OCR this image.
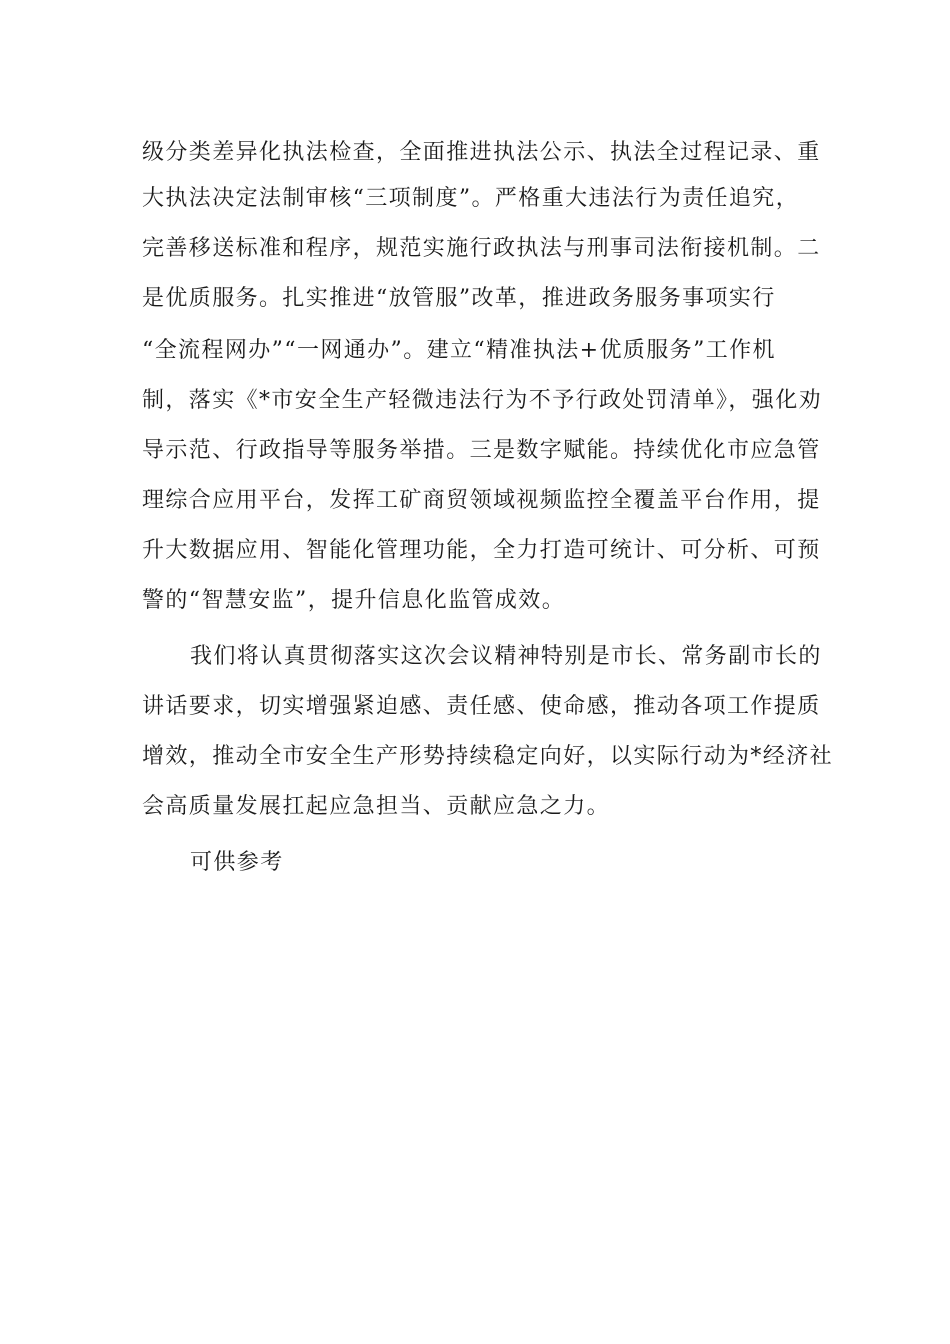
级分类差异化执法检查，全面推进执法公示、执法全过程记录、重

大执法决定法制审核“三项制度”。严格重大违法行为责任追究，

完善移送标准和程序，规范实施行政执法与刑事司法衔接机制。二

是优质服务。扎实推进“放管服”改革，推进政务服务事项实行

“全流程网办”“一网通办”。建立“精准执法+优质服务”工作机

制，落实《*市安全生产轻微违法行为不予行政处罚清单》，强化劝

导示范、行政指导等服务举措。三是数字赋能。持续优化市应急管

理综合应用平台，发挥工矿商贸领域视频监控全覆盖平台作用，提

升大数据应用、智能化管理功能，全力打造可统计、可分析、可预

警的“智慧安监”，提升信息化监管成效。

我们将认真贯彻落实这次会议精神特别是市长、常务副市长的

讲话要求，切实增强紧迫感、责任感、使命感，推动各项工作提质

增效，推动全市安全生产形势持续稳定向好，以实际行动为*经济社

会高质量发展扛起应急担当、贡献应急之力。

可供参考
